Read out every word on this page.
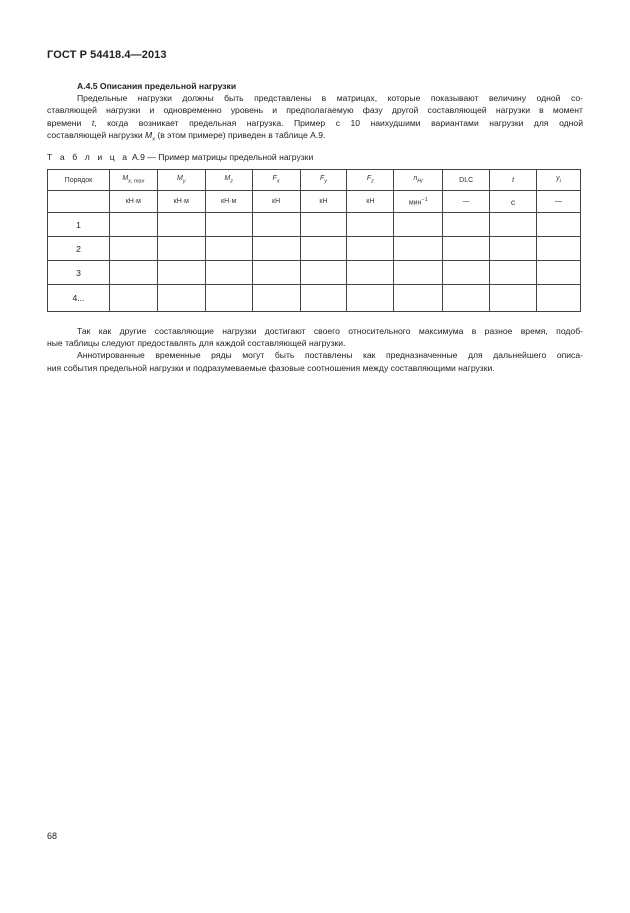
ГОСТ Р 54418.4—2013
А.4.5 Описания предельной нагрузки
Предельные нагрузки должны быть представлены в матрицах, которые показывают величину одной со-
ставляющей нагрузки и одновременно уровень и предполагаемую фазу другой составляющей нагрузки в момент
времени t, когда возникает предельная нагрузка. Пример с 10 наихудшими вариантами нагрузки для одной
составляющей нагрузки $M_x$ (в этом примере) приведен в таблице А.9.
Т а б л и ц а А.9 — Пример матрицы предельной нагрузки
Порядок	$M_{x, max}$	$M_y$	$M_z$	$F_x$	$F_y$	$F_z$	$n_{Hr}$	DLC	t	$y_i$
	кН·м	кН·м	кН·м	кН	кН	кН	мин$^{-1}$	—	с	—
1										
2										
3										
4...										
Так как другие составляющие нагрузки достигают своего относительного максимума в разное время, подоб-
ные таблицы следуют предоставлять для каждой составляющей нагрузки.
Аннотированные временные ряды могут быть поставлены как предназначенные для дальнейшего описа-
ния события предельной нагрузки и подразумеваемые фазовые соотношения между составляющими нагрузки.
68
